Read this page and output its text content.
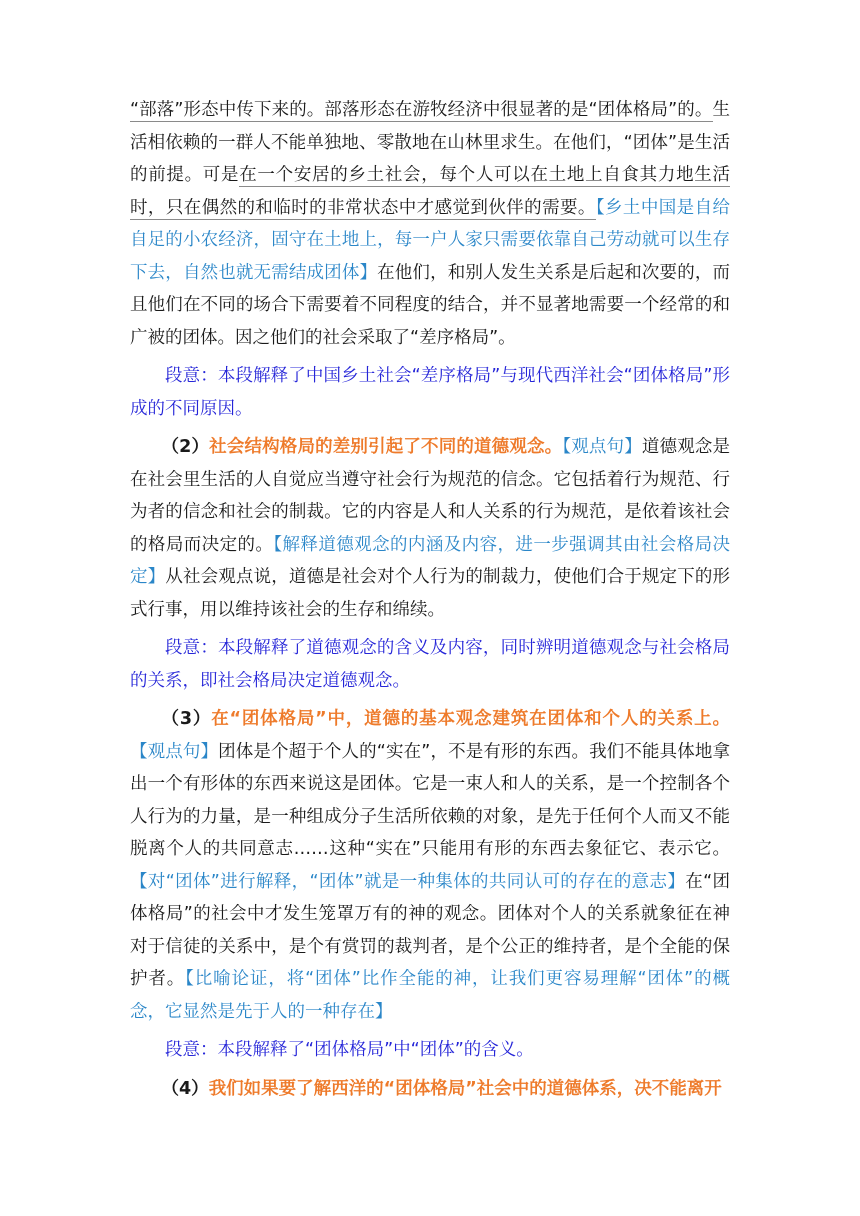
“部落”形态中传下来的。部落形态在游牧经济中很显著的是“团体格局”的。生活相依赖的一群人不能单独地、零散地在山林里求生。在他们，“团体”是生活的前提。可是在一个安居的乡土社会，每个人可以在土地上自食其力地生活时，只在偶然的和临时的非常状态中才感觉到伙伴的需要。【乡土中国是自给自足的小农经济，固守在土地上，每一户人家只需要依靠自己劳动就可以生存下去，自然也就无需结成团体】在他们，和别人发生关系是后起和次要的，而且他们在不同的场合下需要着不同程度的结合，并不显著地需要一个经常的和广被的团体。因之他们的社会采取了“差序格局”。

段意：本段解释了中国乡土社会“差序格局”与现代西洋社会“团体格局”形成的不同原因。

（2）社会结构格局的差别引起了不同的道德观念。【观点句】道德观念是在社会里生活的人自觉应当遵守社会行为规范的信念。它包括着行为规范、行为者的信念和社会的制裁。它的内容是人和人关系的行为规范，是依着该社会的格局而决定的。【解释道德观念的内涵及内容，进一步强调其由社会格局决定】从社会观点说，道德是社会对个人行为的制裁力，使他们合于规定下的形式行事，用以维持该社会的生存和绵续。

段意：本段解释了道德观念的含义及内容，同时辨明道德观念与社会格局的关系，即社会格局决定道德观念。

（3）在“团体格局”中，道德的基本观念建筑在团体和个人的关系上。【观点句】团体是个超于个人的“实在”，不是有形的东西。我们不能具体地拿出一个有形体的东西来说这是团体。它是一束人和人的关系，是一个控制各个人行为的力量，是一种组成分子生活所依赖的对象，是先于任何个人而又不能脱离个人的共同意志……这种“实在”只能用有形的东西去象征它、表示它。【对“团体”进行解释，“团体”就是一种集体的共同认可的存在的意志】在“团体格局”的社会中才发生笼罩万有的神的观念。团体对个人的关系就象征在神对于信徒的关系中，是个有赏罚的裁判者，是个公正的维持者，是个全能的保护者。【比喻论证，将“团体”比作全能的神，让我们更容易理解“团体”的概念，它显然是先于人的一种存在】

段意：本段解释了“团体格局”中“团体”的含义。

（4）我们如果要了解西洋的“团体格局”社会中的道德体系，决不能离开
